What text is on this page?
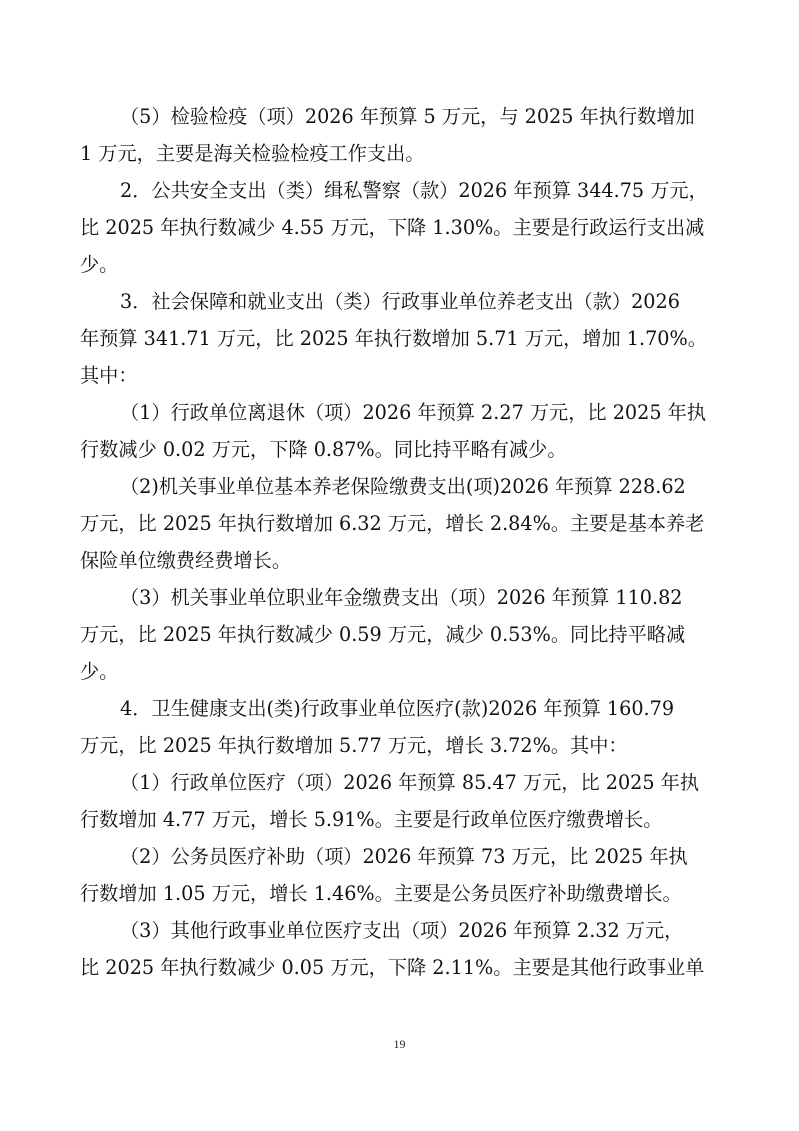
（5）检验检疫（项）2026 年预算 5 万元，与 2025 年执行数增加
1 万元，主要是海关检验检疫工作支出。
2．公共安全支出（类）缉私警察（款）2026 年预算 344.75 万元，
比 2025 年执行数减少 4.55 万元，下降 1.30%。主要是行政运行支出减
少。
3．社会保障和就业支出（类）行政事业单位养老支出（款）2026
年预算 341.71 万元，比 2025 年执行数增加 5.71 万元，增加 1.70%。
其中：
（1）行政单位离退休（项）2026 年预算 2.27 万元，比 2025 年执
行数减少 0.02 万元，下降 0.87%。同比持平略有减少。
（2)机关事业单位基本养老保险缴费支出(项)2026 年预算 228.62
万元，比 2025 年执行数增加 6.32 万元，增长 2.84%。主要是基本养老
保险单位缴费经费增长。
（3）机关事业单位职业年金缴费支出（项）2026 年预算 110.82
万元，比 2025 年执行数减少 0.59 万元，减少 0.53%。同比持平略减
少。
4．卫生健康支出(类)行政事业单位医疗(款)2026 年预算 160.79
万元，比 2025 年执行数增加 5.77 万元，增长 3.72%。其中：
（1）行政单位医疗（项）2026 年预算 85.47 万元，比 2025 年执
行数增加 4.77 万元，增长 5.91%。主要是行政单位医疗缴费增长。
（2）公务员医疗补助（项）2026 年预算 73 万元，比 2025 年执
行数增加 1.05 万元，增长 1.46%。主要是公务员医疗补助缴费增长。
（3）其他行政事业单位医疗支出（项）2026 年预算 2.32 万元，
比 2025 年执行数减少 0.05 万元，下降 2.11%。主要是其他行政事业单
19
